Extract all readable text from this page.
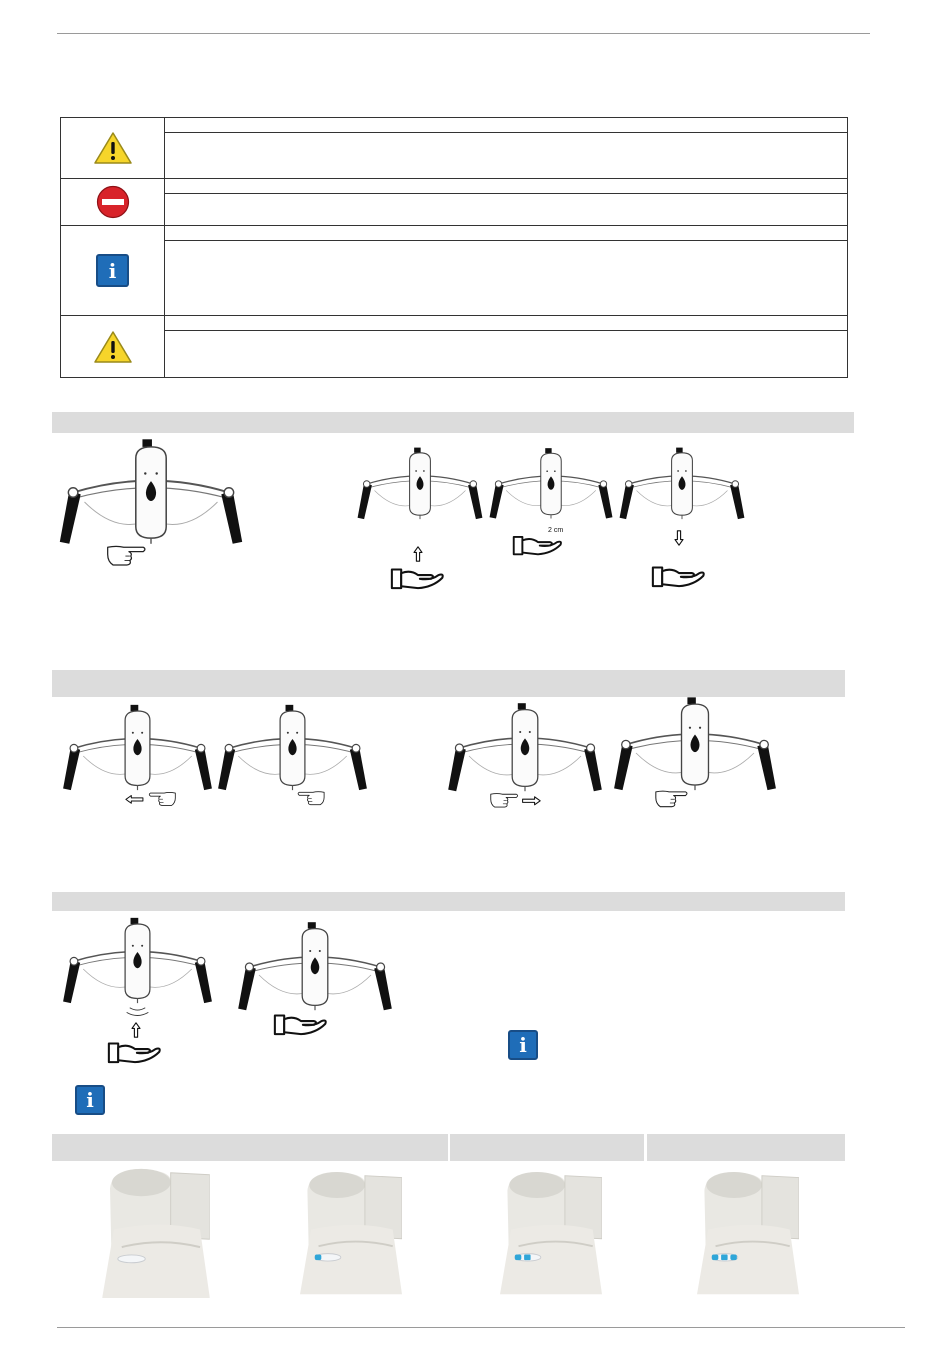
i
2 cm
i
i
